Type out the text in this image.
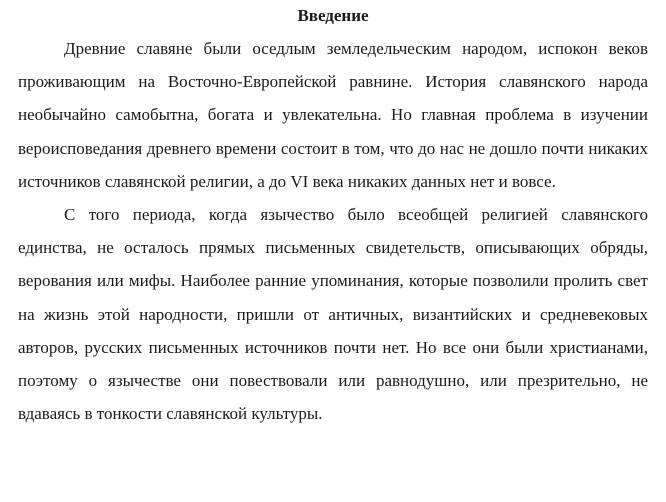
Введение

Древние славяне были оседлым земледельческим народом, испокон веков проживающим на Восточно-Европейской равнине. История славянского народа необычайно самобытна, богата и увлекательна. Но главная проблема в изучении вероисповедания древнего времени состоит в том, что до нас не дошло почти никаких источников славянской религии, а до VI века никаких данных нет и вовсе.

С того периода, когда язычество было всеобщей религией славянского единства, не осталось прямых письменных свидетельств, описывающих обряды, верования или мифы. Наиболее ранние упоминания, которые позволили пролить свет на жизнь этой народности, пришли от античных, византийских и средневековых авторов, русских письменных источников почти нет. Но все они были христианами, поэтому о язычестве они повествовали или равнодушно, или презрительно, не вдаваясь в тонкости славянской культуры.
